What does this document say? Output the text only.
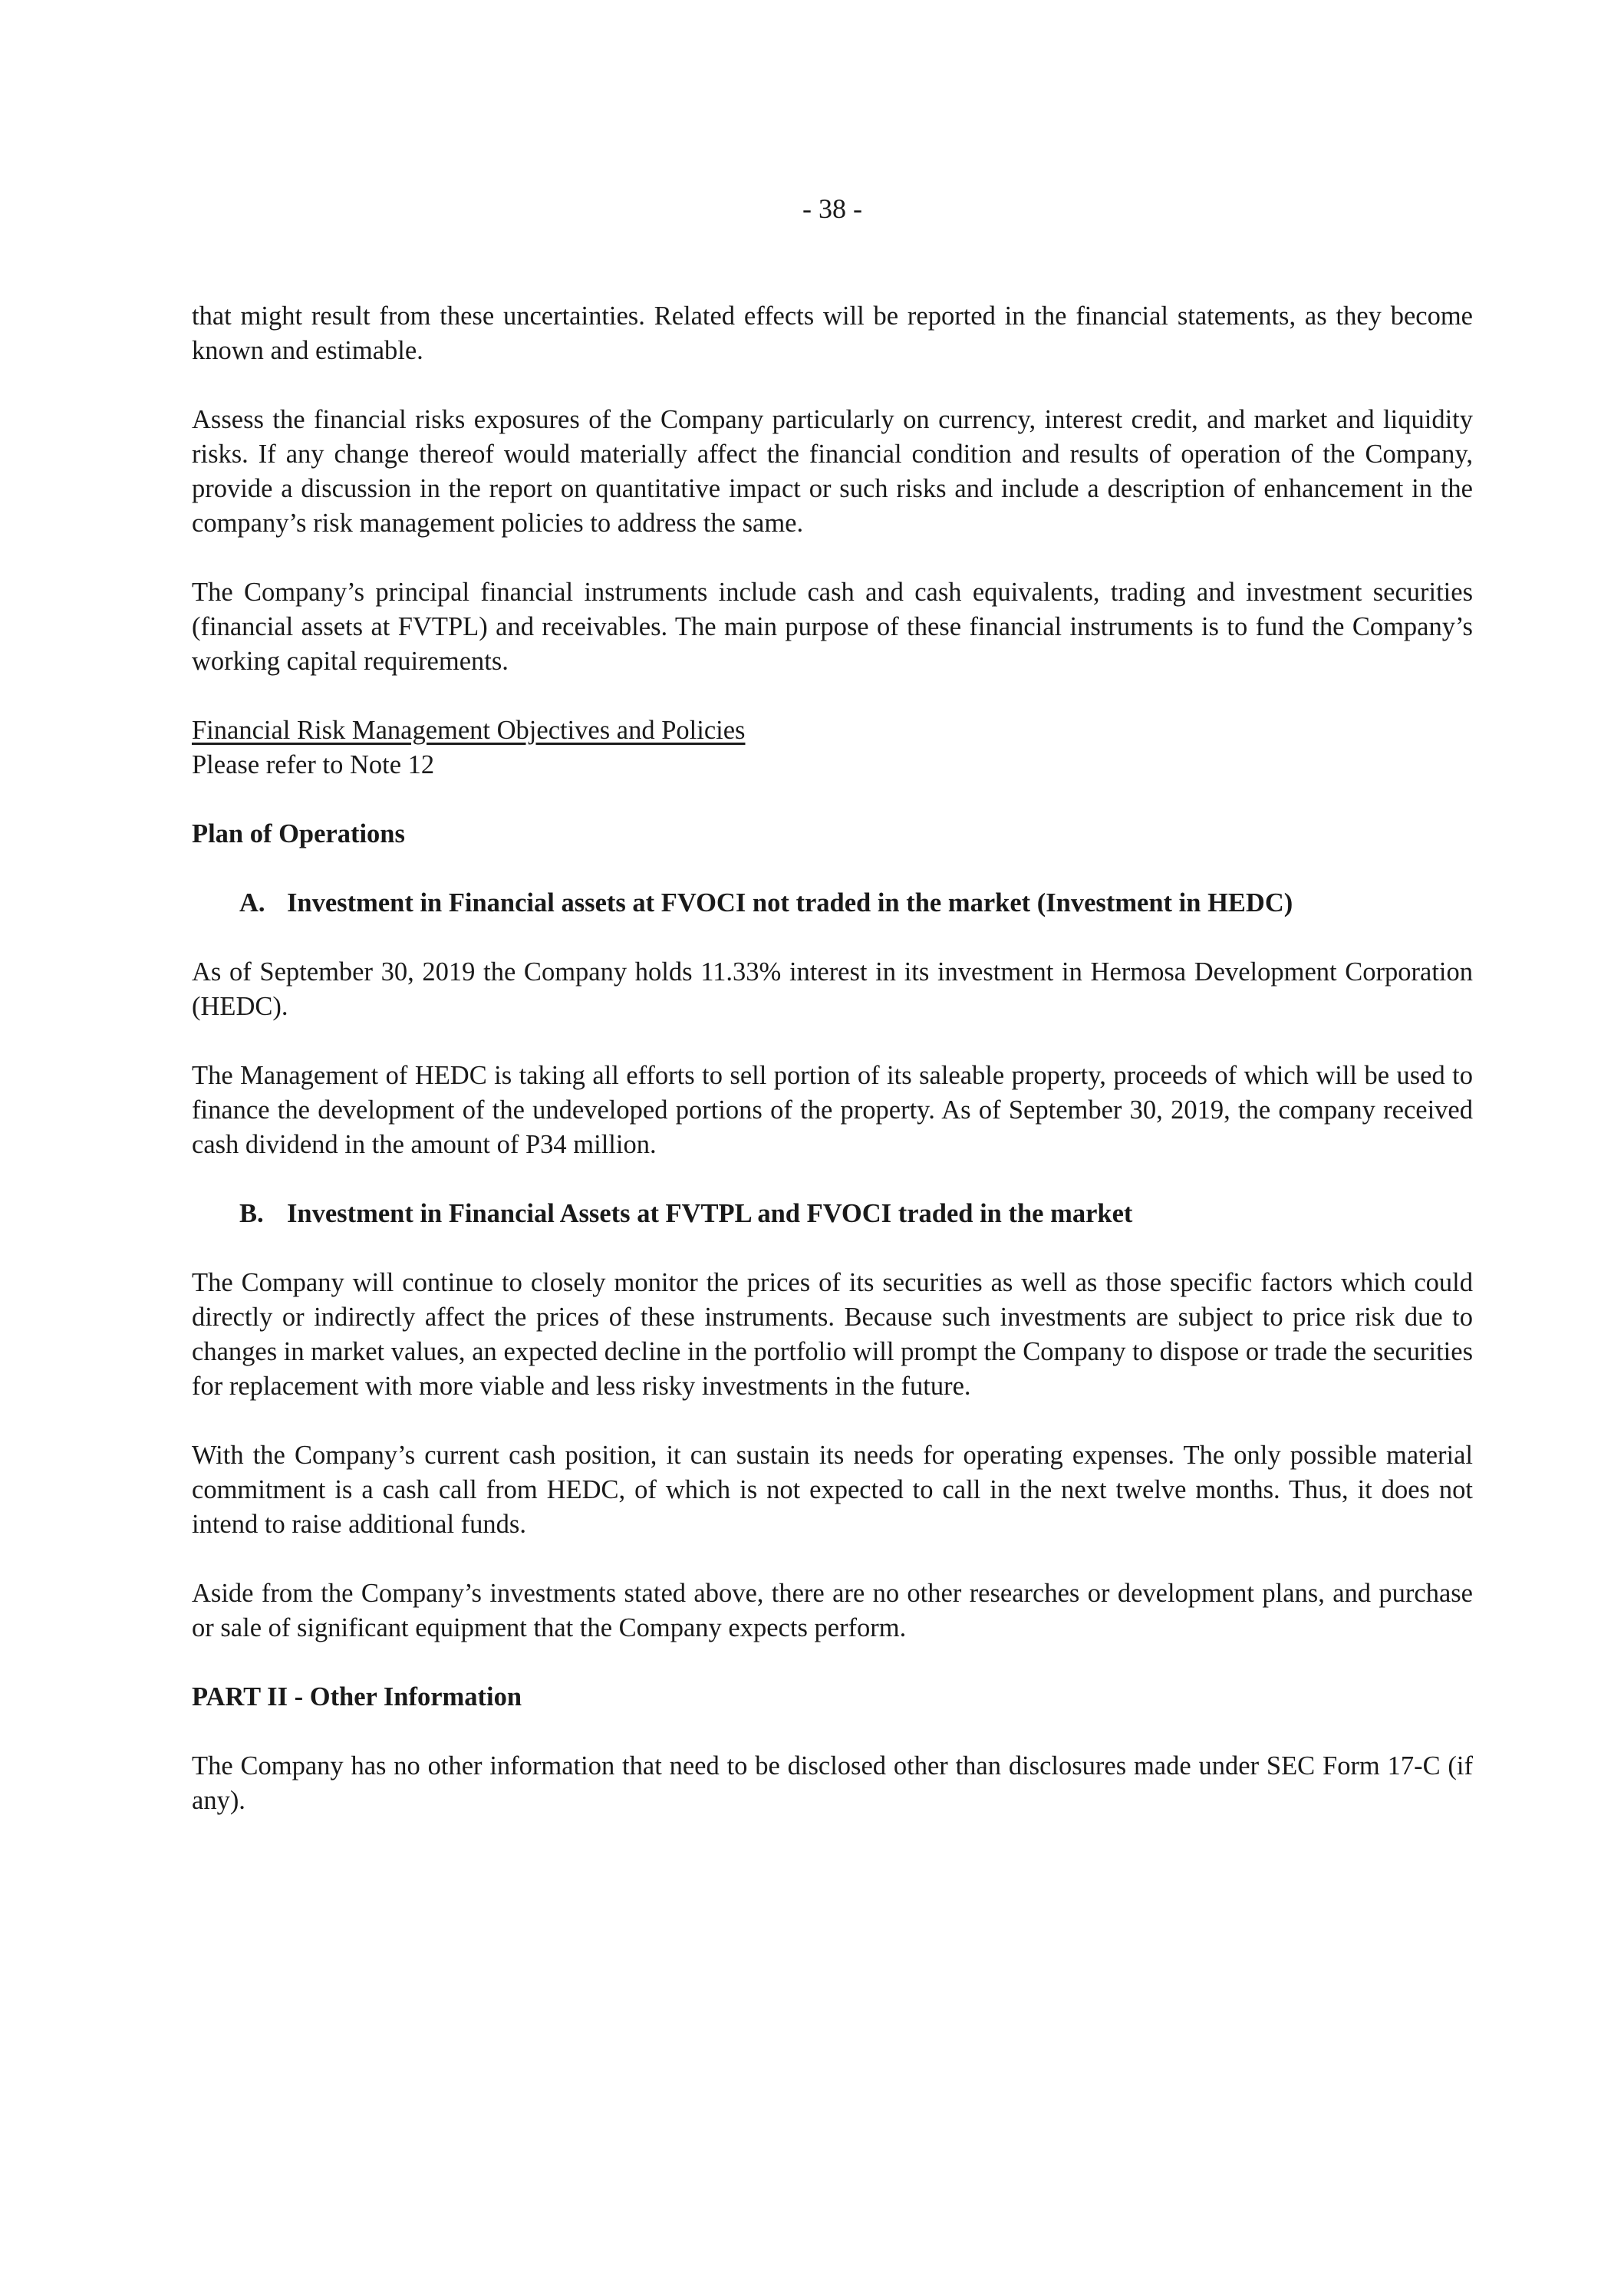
- 38 -

that might result from these uncertainties. Related effects will be reported in the financial statements, as they become known and estimable.

Assess the financial risks exposures of the Company particularly on currency, interest credit, and market and liquidity risks. If any change thereof would materially affect the financial condition and results of operation of the Company, provide a discussion in the report on quantitative impact or such risks and include a description of enhancement in the company’s risk management policies to address the same.

The Company’s principal financial instruments include cash and cash equivalents, trading and investment securities (financial assets at FVTPL) and receivables. The main purpose of these financial instruments is to fund the Company’s working capital requirements.

Financial Risk Management Objectives and Policies

Please refer to Note 12

Plan of Operations
A. Investment in Financial assets at FVOCI not traded in the market (Investment in HEDC)

As of September 30, 2019 the Company holds 11.33% interest in its investment in Hermosa Development Corporation (HEDC).

The Management of HEDC is taking all efforts to sell portion of its saleable property, proceeds of which will be used to finance the development of the undeveloped portions of the property. As of September 30, 2019, the company received cash dividend in the amount of P34 million.

B. Investment in Financial Assets at FVTPL and FVOCI traded in the market

The Company will continue to closely monitor the prices of its securities as well as those specific factors which could directly or indirectly affect the prices of these instruments. Because such investments are subject to price risk due to changes in market values, an expected decline in the portfolio will prompt the Company to dispose or trade the securities for replacement with more viable and less risky investments in the future.

With the Company’s current cash position, it can sustain its needs for operating expenses. The only possible material commitment is a cash call from HEDC, of which is not expected to call in the next twelve months. Thus, it does not intend to raise additional funds.

Aside from the Company’s investments stated above, there are no other researches or development plans, and purchase or sale of significant equipment that the Company expects perform.

PART II - Other Information

The Company has no other information that need to be disclosed other than disclosures made under SEC Form 17-C (if any).
